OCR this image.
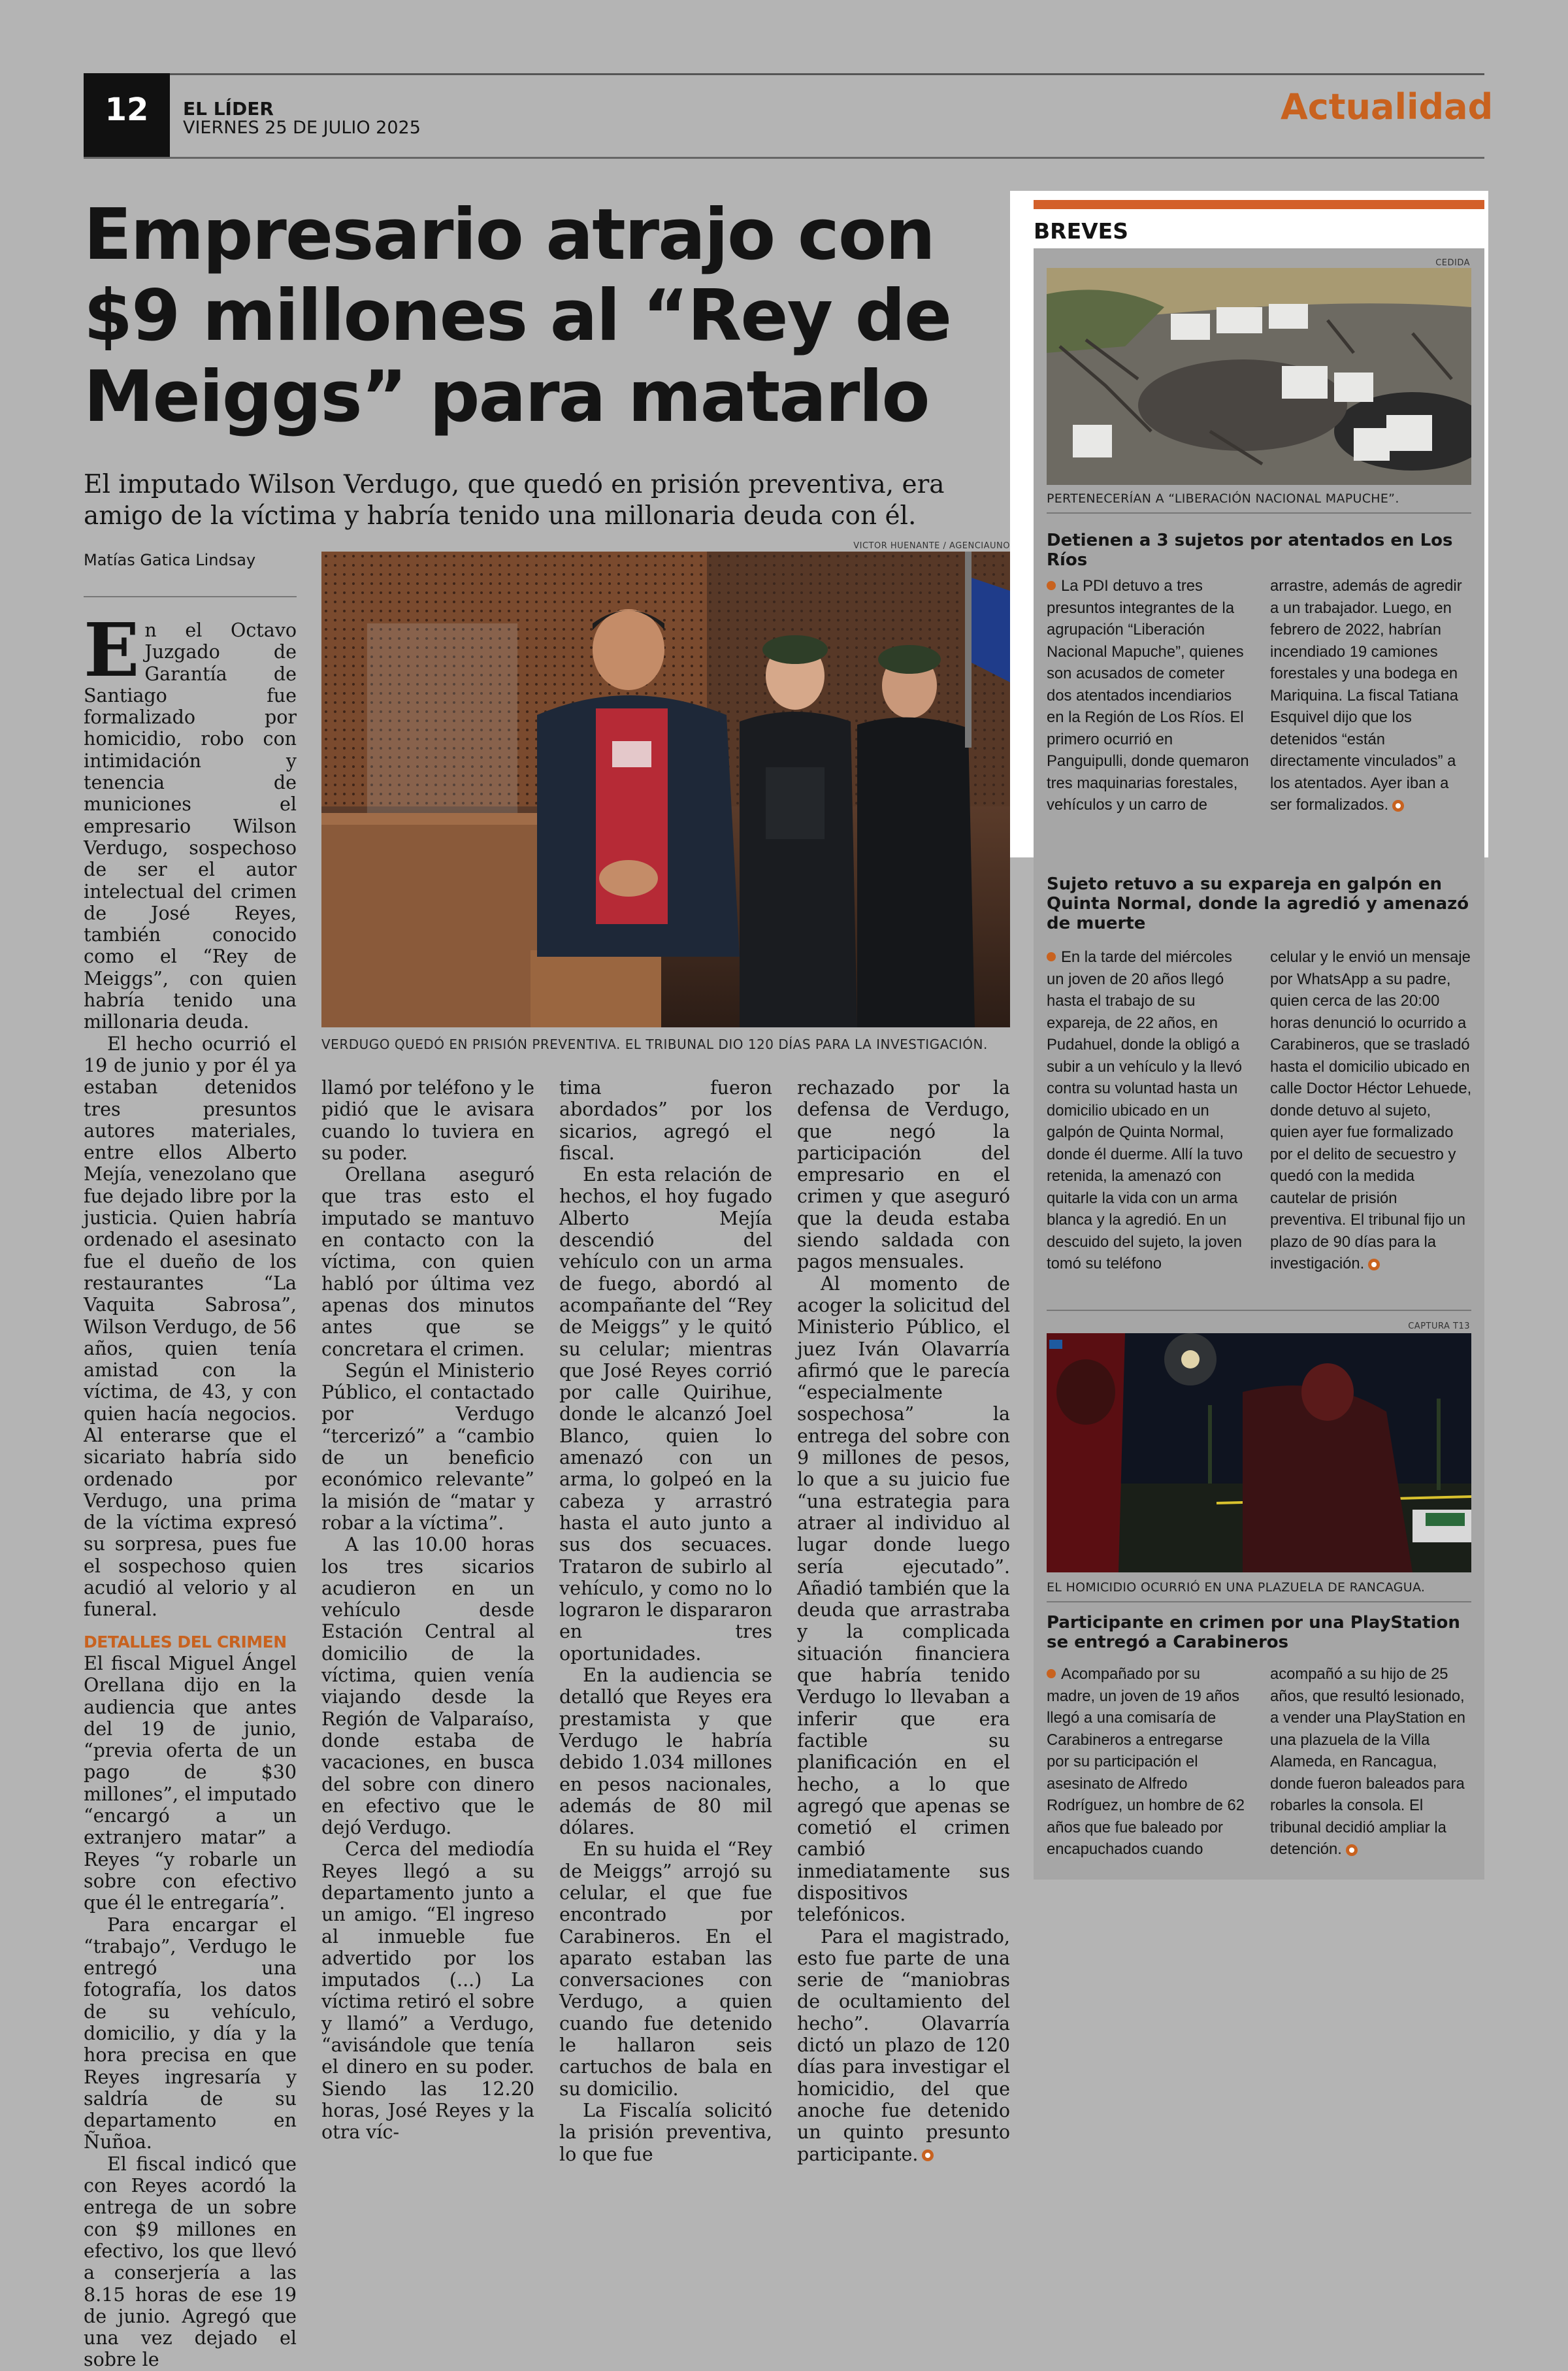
12	EL LÍDER
VIERNES 25 DE JULIO 2025
Actualidad
Empresario atrajo con $9 millones al “Rey de Meiggs” para matarlo
El imputado Wilson Verdugo, que quedó en prisión preventiva, era amigo de la víctima y habría tenido una millonaria deuda con él.
Matías Gatica Lindsay
VICTOR HUENANTE / AGENCIAUNO
VERDUGO QUEDÓ EN PRISIÓN PREVENTIVA. EL TRIBUNAL DIO 120 DÍAS PARA LA INVESTIGACIÓN.

En el Octavo Juzgado de Garantía de Santiago fue formalizado por homicidio, robo con intimidación y tenencia de municiones el empresario Wilson Verdugo, sospechoso de ser el autor intelectual del crimen de José Reyes, también conocido como el “Rey de Meiggs”, con quien habría tenido una millonaria deuda.

El hecho ocurrió el 19 de junio y por él ya estaban detenidos tres presuntos autores materiales, entre ellos Alberto Mejía, venezolano que fue dejado libre por la justicia. Quien habría ordenado el asesinato fue el dueño de los restaurantes “La Vaquita Sabrosa”, Wilson Verdugo, de 56 años, quien tenía amistad con la víctima, de 43, y con quien hacía negocios. Al enterarse que el sicariato habría sido ordenado por Verdugo, una prima de la víctima expresó su sorpresa, pues fue el sospechoso quien acudió al velorio y al funeral.

DETALLES DEL CRIMEN

El fiscal Miguel Ángel Orellana dijo en la audiencia que antes del 19 de junio, “previa oferta de un pago de $30 millones”, el imputado “encargó a un extranjero matar” a Reyes “y robarle un sobre con efectivo que él le entregaría”.

Para encargar el “trabajo”, Verdugo le entregó una fotografía, los datos de su vehículo, domicilio, y día y la hora precisa en que Reyes ingresaría y saldría de su departamento en Ñuñoa.

El fiscal indicó que con Reyes acordó la entrega de un sobre con $9 millones en efectivo, los que llevó a conserjería a las 8.15 horas de ese 19 de junio. Agregó que una vez dejado el sobre le

llamó por teléfono y le pidió que le avisara cuando lo tuviera en su poder.

Orellana aseguró que tras esto el imputado se mantuvo en contacto con la víctima, con quien habló por última vez apenas dos minutos antes que se concretara el crimen.

Según el Ministerio Público, el contactado por Verdugo “tercerizó” a “cambio de un beneficio económico relevante” la misión de “matar y robar a la víctima”.

A las 10.00 horas los tres sicarios acudieron en un vehículo desde Estación Central al domicilio de la víctima, quien venía viajando desde la Región de Valparaíso, donde estaba de vacaciones, en busca del sobre con dinero en efectivo que le dejó Verdugo.

Cerca del mediodía Reyes llegó a su departamento junto a un amigo. “El ingreso al inmueble fue advertido por los imputados (...) La víctima retiró el sobre y llamó” a Verdugo, “avisándole que tenía el dinero en su poder. Siendo las 12.20 horas, José Reyes y la otra víc-

tima fueron abordados” por los sicarios, agregó el fiscal.

En esta relación de hechos, el hoy fugado Alberto Mejía descendió del vehículo con un arma de fuego, abordó al acompañante del “Rey de Meiggs” y le quitó su celular; mientras que José Reyes corrió por calle Quirihue, donde le alcanzó Joel Blanco, quien lo amenazó con un arma, lo golpeó en la cabeza y arrastró hasta el auto junto a sus dos secuaces. Trataron de subirlo al vehículo, y como no lo lograron le dispararon en tres oportunidades.

En la audiencia se detalló que Reyes era prestamista y que Verdugo le habría debido 1.034 millones en pesos nacionales, además de 80 mil dólares.

En su huida el “Rey de Meiggs” arrojó su celular, el que fue encontrado por Carabineros. En el aparato estaban las conversaciones con Verdugo, a quien cuando fue detenido le hallaron seis cartuchos de bala en su domicilio.

La Fiscalía solicitó la prisión preventiva, lo que fue

rechazado por la defensa de Verdugo, que negó la participación del empresario en el crimen y que aseguró que la deuda estaba siendo saldada con pagos mensuales.

Al momento de acoger la solicitud del Ministerio Público, el juez Iván Olavarría afirmó que le parecía “especialmente sospechosa” la entrega del sobre con 9 millones de pesos, lo que a su juicio fue “una estrategia para atraer al individuo al lugar donde luego sería ejecutado”. Añadió también que la deuda que arrastraba y la complicada situación financiera que habría tenido Verdugo lo llevaban a inferir que era factible su planificación en el hecho, a lo que agregó que apenas se cometió el crimen cambió inmediatamente sus dispositivos telefónicos.

Para el magistrado, esto fue parte de una serie de “maniobras de ocultamiento del hecho”. Olavarría dictó un plazo de 120 días para investigar el homicidio, del que anoche fue detenido un quinto presunto participante.

BREVES
CEDIDA
PERTENECERÍAN A “LIBERACIÓN NACIONAL MAPUCHE”.
Detienen a 3 sujetos por atentados en Los Ríos
La PDI detuvo a tres presuntos integrantes de la agrupación “Liberación Nacional Mapuche”, quienes son acusados de cometer dos atentados incendiarios en la Región de Los Ríos. El primero ocurrió en Panguipulli, donde quemaron tres maquinarias forestales, vehículos y un carro de
arrastre, además de agredir a un trabajador. Luego, en febrero de 2022, habrían incendiado 19 camiones forestales y una bodega en Mariquina. La fiscal Tatiana Esquivel dijo que los detenidos “están directamente vinculados” a los atentados. Ayer iban a ser formalizados.
Sujeto retuvo a su expareja en galpón en Quinta Normal, donde la agredió y amenazó de muerte
En la tarde del miércoles un joven de 20 años llegó hasta el trabajo de su expareja, de 22 años, en Pudahuel, donde la obligó a subir a un vehículo y la llevó contra su voluntad hasta un domicilio ubicado en un galpón de Quinta Normal, donde él duerme. Allí la tuvo retenida, la amenazó con quitarle la vida con un arma blanca y la agredió. En un descuido del sujeto, la joven tomó su teléfono
celular y le envió un mensaje por WhatsApp a su padre, quien cerca de las 20:00 horas denunció lo ocurrido a Carabineros, que se trasladó hasta el domicilio ubicado en calle Doctor Héctor Lehuede, donde detuvo al sujeto, quien ayer fue formalizado por el delito de secuestro y quedó con la medida cautelar de prisión preventiva. El tribunal fijo un plazo de 90 días para la investigación.
CAPTURA T13
EL HOMICIDIO OCURRIÓ EN UNA PLAZUELA DE RANCAGUA.
Participante en crimen por una PlayStation se entregó a Carabineros
Acompañado por su madre, un joven de 19 años llegó a una comisaría de Carabineros a entregarse por su participación el asesinato de Alfredo Rodríguez, un hombre de 62 años que fue baleado por encapuchados cuando
acompañó a su hijo de 25 años, que resultó lesionado, a vender una PlayStation en una plazuela de la Villa Alameda, en Rancagua, donde fueron baleados para robarles la consola. El tribunal decidió ampliar la detención.
